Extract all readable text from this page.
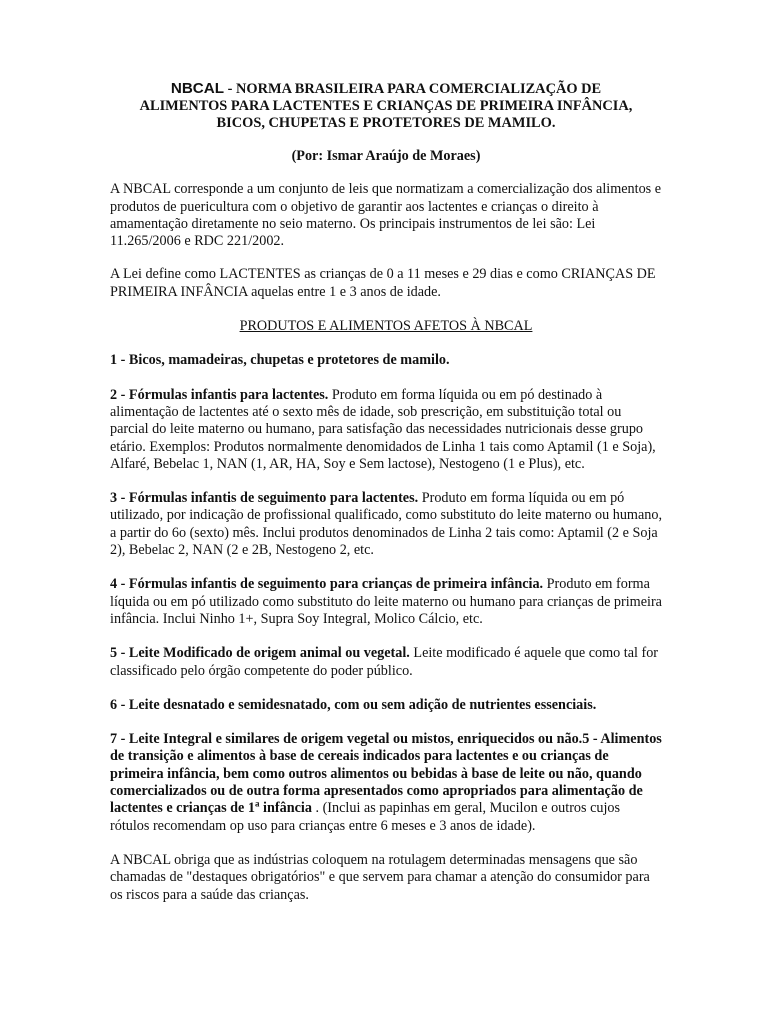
NBCAL - NORMA BRASILEIRA PARA COMERCIALIZAÇÃO DE
ALIMENTOS PARA LACTENTES E CRIANÇAS DE PRIMEIRA INFÂNCIA,
BICOS, CHUPETAS E PROTETORES DE MAMILO.
(Por: Ismar Araújo de Moraes)

A NBCAL corresponde a um conjunto de leis que normatizam a comercialização dos alimentos e produtos de puericultura com o objetivo de garantir aos lactentes e crianças o direito à amamentação diretamente no seio materno. Os principais instrumentos de lei são: Lei 11.265/2006 e RDC 221/2002.

A Lei define como LACTENTES as crianças de 0 a 11 meses e 29 dias e como CRIANÇAS DE PRIMEIRA INFÂNCIA aquelas entre 1 e 3 anos de idade.

PRODUTOS E ALIMENTOS AFETOS À NBCAL

1 - Bicos, mamadeiras, chupetas e protetores de mamilo.

2 - Fórmulas infantis para lactentes. Produto em forma líquida ou em pó destinado à alimentação de lactentes até o sexto mês de idade, sob prescrição, em substituição total ou parcial do leite materno ou humano, para satisfação das necessidades nutricionais desse grupo etário. Exemplos: Produtos normalmente denomidados de Linha 1 tais como Aptamil (1 e Soja), Alfaré, Bebelac 1, NAN (1, AR, HA, Soy e Sem lactose), Nestogeno (1 e Plus), etc.

3 - Fórmulas infantis de seguimento para lactentes. Produto em forma líquida ou em pó utilizado, por indicação de profissional qualificado, como substituto do leite materno ou humano, a partir do 6o (sexto) mês. Inclui produtos denominados de Linha 2 tais como: Aptamil (2 e Soja 2), Bebelac 2, NAN (2 e 2B, Nestogeno 2, etc.

4 - Fórmulas infantis de seguimento para crianças de primeira infância. Produto em forma líquida ou em pó utilizado como substituto do leite materno ou humano para crianças de primeira infância. Inclui Ninho 1+, Supra Soy Integral, Molico Cálcio, etc.

5 - Leite Modificado de origem animal ou vegetal. Leite modificado é aquele que como tal for classificado pelo órgão competente do poder público.

6 - Leite desnatado e semidesnatado, com ou sem adição de nutrientes essenciais.

7 - Leite Integral e similares de origem vegetal ou mistos, enriquecidos ou não.5 - Alimentos de transição e alimentos à base de cereais indicados para lactentes e ou crianças de primeira infância, bem como outros alimentos ou bebidas à base de leite ou não, quando comercializados ou de outra forma apresentados como apropriados para alimentação de lactentes e crianças de 1$^a$ infância . (Inclui as papinhas em geral, Mucilon e outros cujos rótulos recomendam op uso para crianças entre 6 meses e 3 anos de idade).

A NBCAL obriga que as indústrias coloquem na rotulagem determinadas mensagens que são chamadas de "destaques obrigatórios" e que servem para chamar a atenção do consumidor para os riscos para a saúde das crianças.
